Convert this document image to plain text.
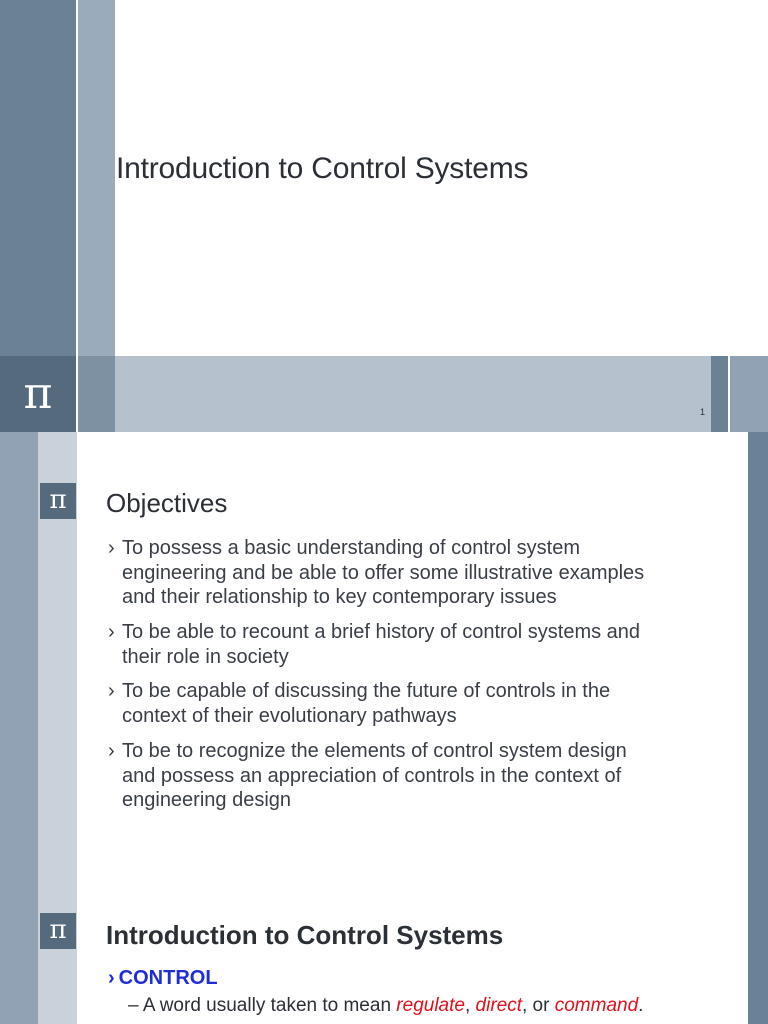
Introduction to Control Systems
π	1
π	Objectives
› To possess a basic understanding of control system
engineering and be able to offer some illustrative examples
and their relationship to key contemporary issues
› To be able to recount a brief history of control systems and
their role in society
› To be capable of discussing the future of controls in the
context of their evolutionary pathways
› To be to recognize the elements of control system design
and possess an appreciation of controls in the context of
engineering design
π	Introduction to Control Systems
› CONTROL
– A word usually taken to mean regulate, direct, or command.
